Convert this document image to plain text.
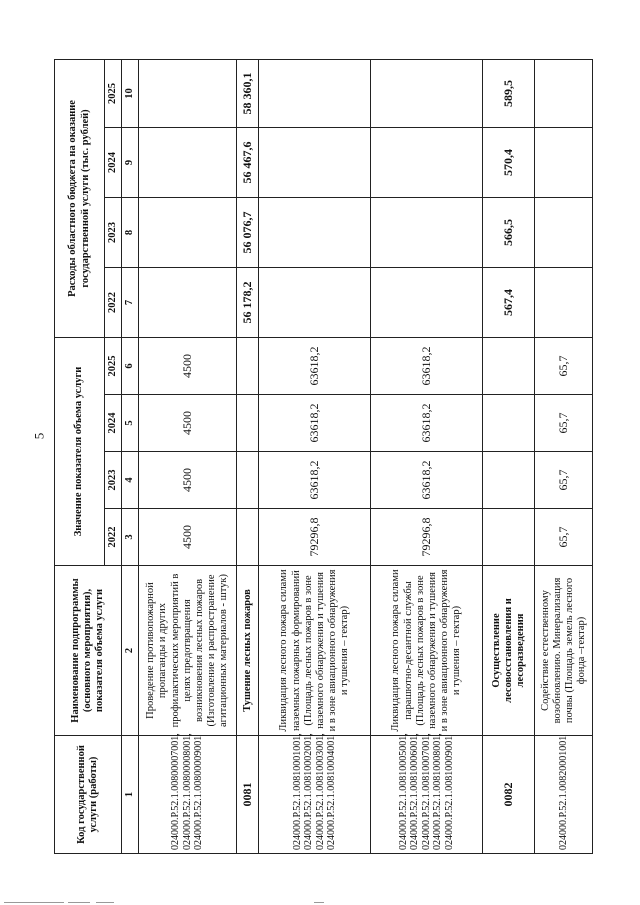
5
Код государственной услуги (работы)	Наименование подпрограммы (основного мероприятия), показателя объема услуги	Значение показателя объема услуги				Расходы областного бюджета на оказание государственной услуги (тыс. рублей)			
		2022	2023	2024	2025	2022	2023	2024	2025
1	2	3	4	5	6	7	8	9	10
024000.Р.52.1.00800007001, 024000.Р.52.1.00800008001, 024000.Р.52.1.00800009001	Проведение противопожарной пропаганды и других профилактических мероприятий в целях предотвращения возникновения лесных пожаров (Изготовление и распространение агитационных материалов - штук)	4500	4500	4500	4500				
0081	Тушение лесных пожаров					56 178,2	56 076,7	56 467,6	58 360,1
024000.Р.52.1.00810001001, 024000.Р.52.1.00810002001, 024000.Р.52.1.00810003001, 024000.Р.52.1.00810004001	Ликвидация лесного пожара силами наземных пожарных формирований (Площадь лесных пожаров в зоне наземного обнаружения и тушения и в зоне авиационного обнаружения и тушения – гектар)	79296,8	63618,2	63618,2	63618,2				
024000.Р.52.1.00810005001, 024000.Р.52.1.00810006001, 024000.Р.52.1.00810007001, 024000.Р.52.1.00810008001, 024000.Р.52.1.00810009001	Ликвидация лесного пожара силами парашютно-десантной службы (Площадь лесных пожаров в зоне наземного обнаружения и тушения и в зоне авиационного обнаружения и тушения – гектар)	79296,8	63618,2	63618,2	63618,2				
0082	Осуществление лесовосстановления и лесоразведения					567,4	566,5	570,4	589,5
024000.Р.52.1.00820001001	Содействие естественному возобновлению. Минерализация почвы (Площадь земель лесного фонда –гектар)	65,7	65,7	65,7	65,7				
